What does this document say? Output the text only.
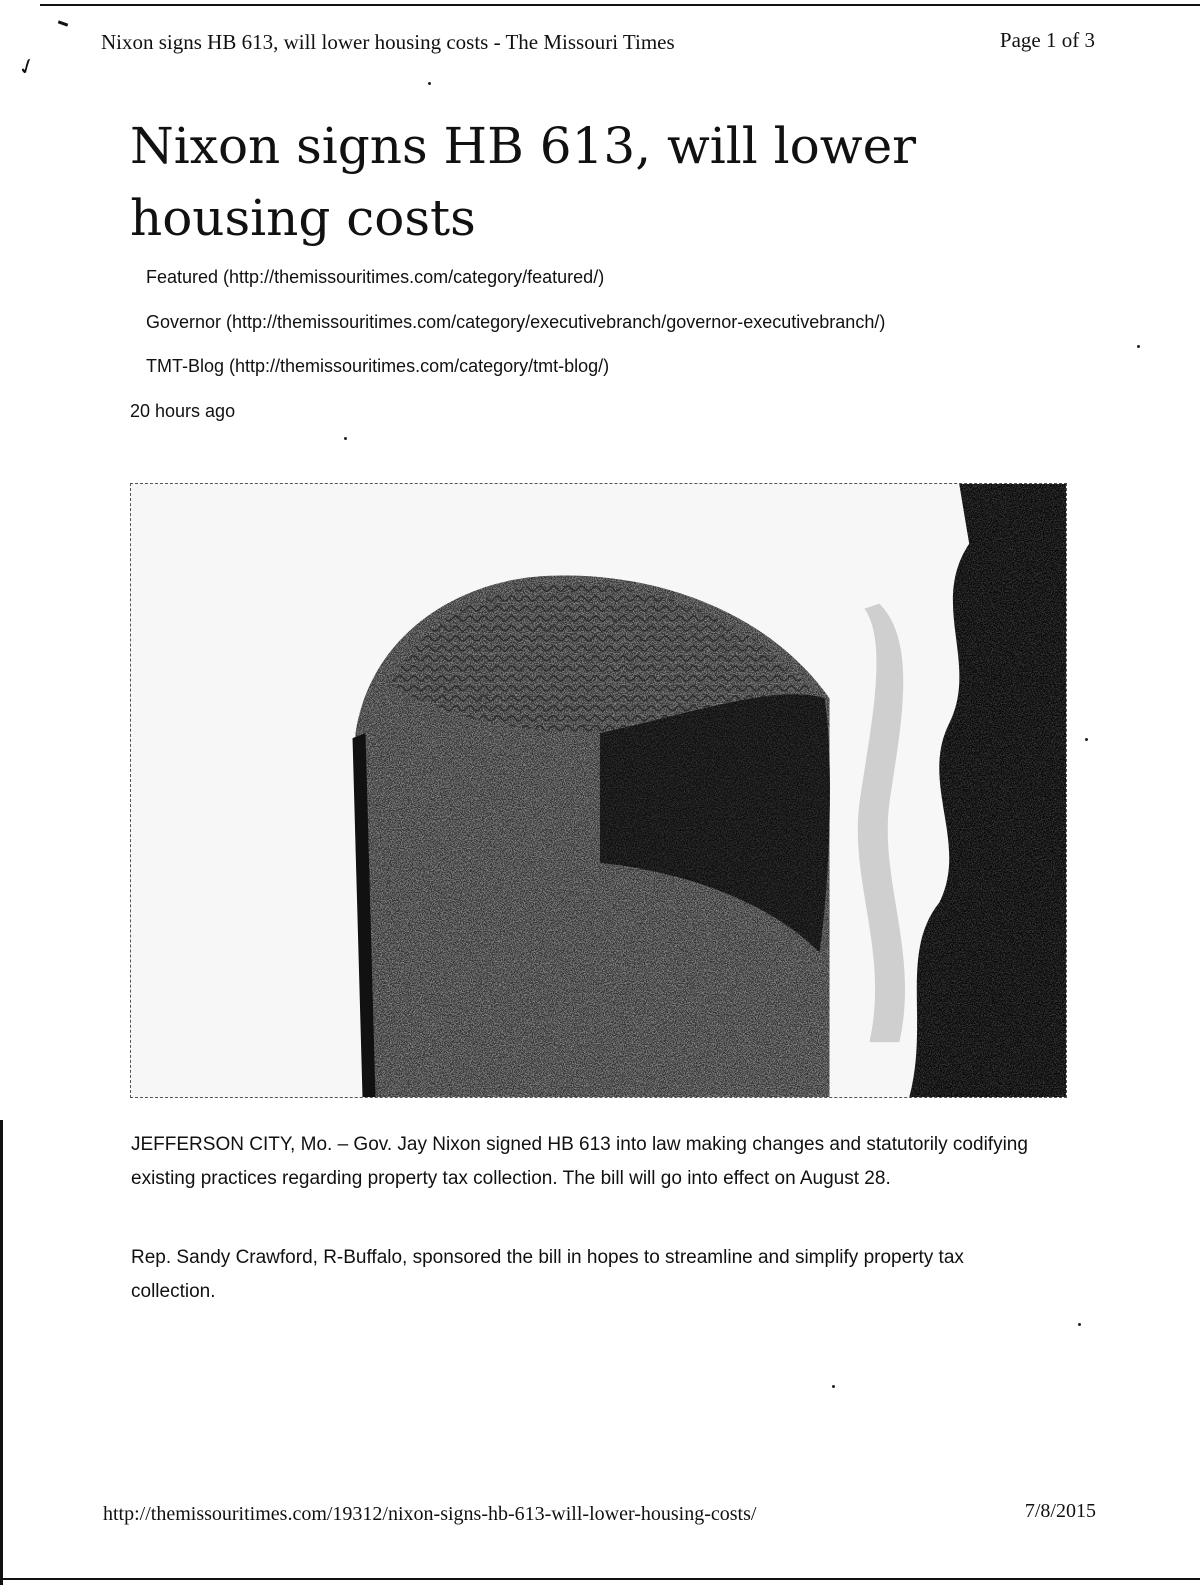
✓
Nixon signs HB 613, will lower housing costs - The Missouri Times	Page 1 of 3
Nixon signs HB 613, will lower housing costs
Featured (http://themissouritimes.com/category/featured/)
Governor (http://themissouritimes.com/category/executivebranch/governor-executivebranch/)
TMT-Blog (http://themissouritimes.com/category/tmt-blog/)
20 hours ago

JEFFERSON CITY, Mo. – Gov. Jay Nixon signed HB 613 into law making changes and statutorily codifying existing practices regarding property tax collection. The bill will go into effect on August 28.

Rep. Sandy Crawford, R-Buffalo, sponsored the bill in hopes to streamline and simplify property tax collection.

http://themissouritimes.com/19312/nixon-signs-hb-613-will-lower-housing-costs/	7/8/2015
